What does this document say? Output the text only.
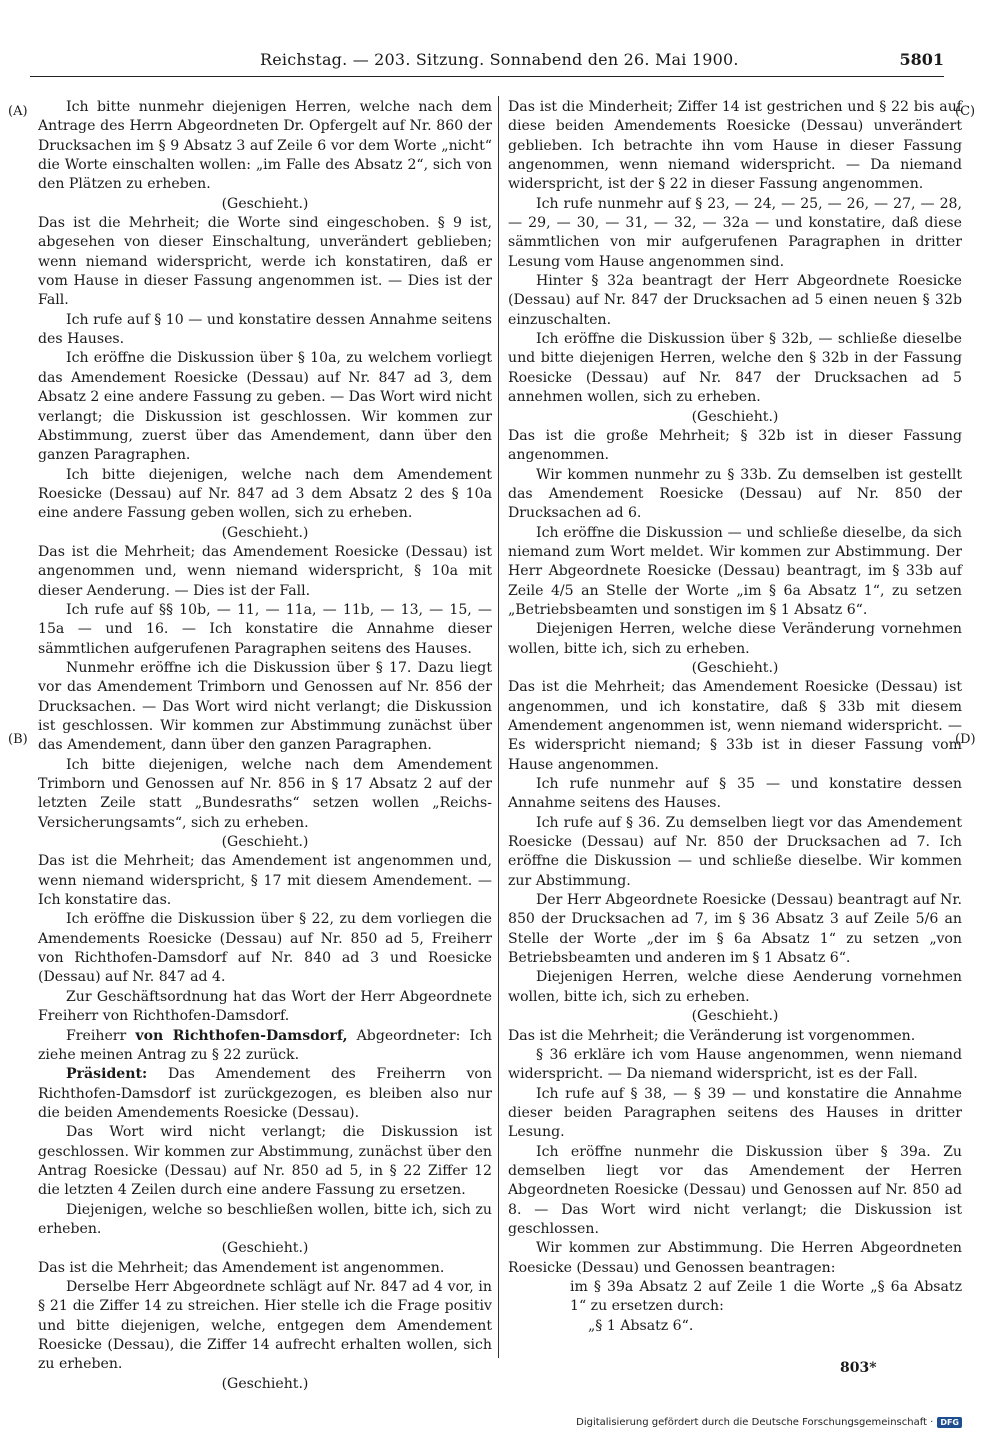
Reichstag. — 203. Sitzung. Sonnabend den 26. Mai 1900.	5801
(A)
(B)
(C)
(D)

Ich bitte nunmehr diejenigen Herren, welche nach dem Antrage des Herrn Abgeordneten Dr. Opfergelt auf Nr. 860 der Drucksachen im § 9 Absatz 3 auf Zeile 6 vor dem Worte „nicht“ die Worte einschalten wollen: „im Falle des Absatz 2“, sich von den Plätzen zu erheben.

(Geschieht.)

Das ist die Mehrheit; die Worte sind eingeschoben. § 9 ist, abgesehen von dieser Einschaltung, unverändert geblieben; wenn niemand widerspricht, werde ich konstatiren, daß er vom Hause in dieser Fassung angenommen ist. — Dies ist der Fall.

Ich rufe auf § 10 — und konstatire dessen Annahme seitens des Hauses.

Ich eröffne die Diskussion über § 10a, zu welchem vorliegt das Amendement Roesicke (Dessau) auf Nr. 847 ad 3, dem Absatz 2 eine andere Fassung zu geben. — Das Wort wird nicht verlangt; die Diskussion ist geschlossen. Wir kommen zur Abstimmung, zuerst über das Amendement, dann über den ganzen Paragraphen.

Ich bitte diejenigen, welche nach dem Amendement Roesicke (Dessau) auf Nr. 847 ad 3 dem Absatz 2 des § 10a eine andere Fassung geben wollen, sich zu erheben.

(Geschieht.)

Das ist die Mehrheit; das Amendement Roesicke (Dessau) ist angenommen und, wenn niemand widerspricht, § 10a mit dieser Aenderung. — Dies ist der Fall.

Ich rufe auf §§ 10b, — 11, — 11a, — 11b, — 13, — 15, — 15a — und 16. — Ich konstatire die Annahme dieser sämmtlichen aufgerufenen Paragraphen seitens des Hauses.

Nunmehr eröffne ich die Diskussion über § 17. Dazu liegt vor das Amendement Trimborn und Genossen auf Nr. 856 der Drucksachen. — Das Wort wird nicht verlangt; die Diskussion ist geschlossen. Wir kommen zur Abstimmung zunächst über das Amendement, dann über den ganzen Paragraphen.

Ich bitte diejenigen, welche nach dem Amendement Trimborn und Genossen auf Nr. 856 in § 17 Absatz 2 auf der letzten Zeile statt „Bundesraths“ setzen wollen „Reichs-Versicherungsamts“, sich zu erheben.

(Geschieht.)

Das ist die Mehrheit; das Amendement ist angenommen und, wenn niemand widerspricht, § 17 mit diesem Amendement. — Ich konstatire das.

Ich eröffne die Diskussion über § 22, zu dem vorliegen die Amendements Roesicke (Dessau) auf Nr. 850 ad 5, Freiherr von Richthofen-Damsdorf auf Nr. 840 ad 3 und Roesicke (Dessau) auf Nr. 847 ad 4.

Zur Geschäftsordnung hat das Wort der Herr Abgeordnete Freiherr von Richthofen-Damsdorf.

Freiherr von Richthofen-Damsdorf, Abgeordneter: Ich ziehe meinen Antrag zu § 22 zurück.

Präsident: Das Amendement des Freiherrn von Richthofen-Damsdorf ist zurückgezogen, es bleiben also nur die beiden Amendements Roesicke (Dessau).

Das Wort wird nicht verlangt; die Diskussion ist geschlossen. Wir kommen zur Abstimmung, zunächst über den Antrag Roesicke (Dessau) auf Nr. 850 ad 5, in § 22 Ziffer 12 die letzten 4 Zeilen durch eine andere Fassung zu ersetzen.

Diejenigen, welche so beschließen wollen, bitte ich, sich zu erheben.

(Geschieht.)

Das ist die Mehrheit; das Amendement ist angenommen.

Derselbe Herr Abgeordnete schlägt auf Nr. 847 ad 4 vor, in § 21 die Ziffer 14 zu streichen. Hier stelle ich die Frage positiv und bitte diejenigen, welche, entgegen dem Amendement Roesicke (Dessau), die Ziffer 14 aufrecht erhalten wollen, sich zu erheben.

(Geschieht.)

Das ist die Minderheit; Ziffer 14 ist gestrichen und § 22 bis auf diese beiden Amendements Roesicke (Dessau) unverändert geblieben. Ich betrachte ihn vom Hause in dieser Fassung angenommen, wenn niemand widerspricht. — Da niemand widerspricht, ist der § 22 in dieser Fassung angenommen.

Ich rufe nunmehr auf § 23, — 24, — 25, — 26, — 27, — 28, — 29, — 30, — 31, — 32, — 32a — und konstatire, daß diese sämmtlichen von mir aufgerufenen Paragraphen in dritter Lesung vom Hause angenommen sind.

Hinter § 32a beantragt der Herr Abgeordnete Roesicke (Dessau) auf Nr. 847 der Drucksachen ad 5 einen neuen § 32b einzuschalten.

Ich eröffne die Diskussion über § 32b, — schließe dieselbe und bitte diejenigen Herren, welche den § 32b in der Fassung Roesicke (Dessau) auf Nr. 847 der Drucksachen ad 5 annehmen wollen, sich zu erheben.

(Geschieht.)

Das ist die große Mehrheit; § 32b ist in dieser Fassung angenommen.

Wir kommen nunmehr zu § 33b. Zu demselben ist gestellt das Amendement Roesicke (Dessau) auf Nr. 850 der Drucksachen ad 6.

Ich eröffne die Diskussion — und schließe dieselbe, da sich niemand zum Wort meldet. Wir kommen zur Abstimmung. Der Herr Abgeordnete Roesicke (Dessau) beantragt, im § 33b auf Zeile 4/5 an Stelle der Worte „im § 6a Absatz 1“, zu setzen „Betriebsbeamten und sonstigen im § 1 Absatz 6“.

Diejenigen Herren, welche diese Veränderung vornehmen wollen, bitte ich, sich zu erheben.

(Geschieht.)

Das ist die Mehrheit; das Amendement Roesicke (Dessau) ist angenommen, und ich konstatire, daß § 33b mit diesem Amendement angenommen ist, wenn niemand widerspricht. — Es widerspricht niemand; § 33b ist in dieser Fassung vom Hause angenommen.

Ich rufe nunmehr auf § 35 — und konstatire dessen Annahme seitens des Hauses.

Ich rufe auf § 36. Zu demselben liegt vor das Amendement Roesicke (Dessau) auf Nr. 850 der Drucksachen ad 7. Ich eröffne die Diskussion — und schließe dieselbe. Wir kommen zur Abstimmung.

Der Herr Abgeordnete Roesicke (Dessau) beantragt auf Nr. 850 der Drucksachen ad 7, im § 36 Absatz 3 auf Zeile 5/6 an Stelle der Worte „der im § 6a Absatz 1“ zu setzen „von Betriebsbeamten und anderen im § 1 Absatz 6“.

Diejenigen Herren, welche diese Aenderung vornehmen wollen, bitte ich, sich zu erheben.

(Geschieht.)

Das ist die Mehrheit; die Veränderung ist vorgenommen.

§ 36 erkläre ich vom Hause angenommen, wenn niemand widerspricht. — Da niemand widerspricht, ist es der Fall.

Ich rufe auf § 38, — § 39 — und konstatire die Annahme dieser beiden Paragraphen seitens des Hauses in dritter Lesung.

Ich eröffne nunmehr die Diskussion über § 39a. Zu demselben liegt vor das Amendement der Herren Abgeordneten Roesicke (Dessau) und Genossen auf Nr. 850 ad 8. — Das Wort wird nicht verlangt; die Diskussion ist geschlossen.

Wir kommen zur Abstimmung. Die Herren Abgeordneten Roesicke (Dessau) und Genossen beantragen:

im § 39a Absatz 2 auf Zeile 1 die Worte „§ 6a Absatz 1“ zu ersetzen durch:

„§ 1 Absatz 6“.

803*
Digitalisierung gefördert durch die Deutsche Forschungsgemeinschaft · DFG
